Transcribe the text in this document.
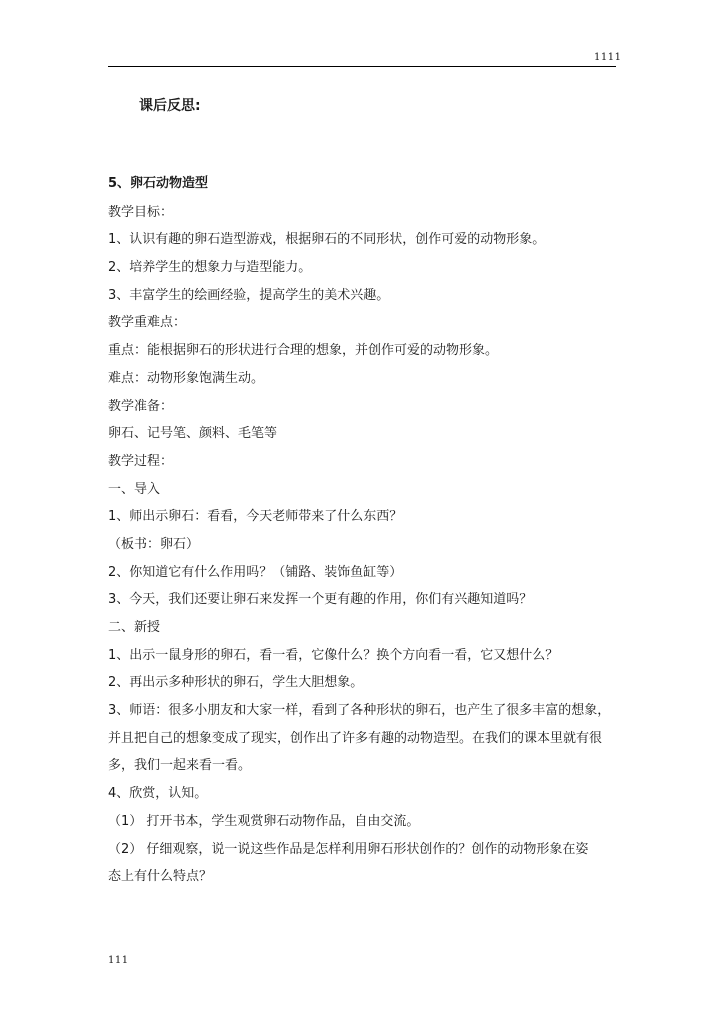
1111
课后反思:
5、卵石动物造型
教学目标：
1、认识有趣的卵石造型游戏，根据卵石的不同形状，创作可爱的动物形象。
2、培养学生的想象力与造型能力。
3、丰富学生的绘画经验，提高学生的美术兴趣。
教学重难点：
重点：能根据卵石的形状进行合理的想象，并创作可爱的动物形象。
难点：动物形象饱满生动。
教学准备：
卵石、记号笔、颜料、毛笔等
教学过程：
一、导入
1、师出示卵石：看看，今天老师带来了什么东西？
（板书：卵石）
2、你知道它有什么作用吗？（铺路、装饰鱼缸等）
3、今天，我们还要让卵石来发挥一个更有趣的作用，你们有兴趣知道吗？
二、新授
1、出示一鼠身形的卵石，看一看，它像什么？换个方向看一看，它又想什么？
2、再出示多种形状的卵石，学生大胆想象。
3、师语：很多小朋友和大家一样，看到了各种形状的卵石，也产生了很多丰富的想象，
并且把自己的想象变成了现实，创作出了许多有趣的动物造型。在我们的课本里就有很
多，我们一起来看一看。
4、欣赏，认知。
（1） 打开书本，学生观赏卵石动物作品，自由交流。
（2） 仔细观察，说一说这些作品是怎样利用卵石形状创作的？创作的动物形象在姿
态上有什么特点？
111
